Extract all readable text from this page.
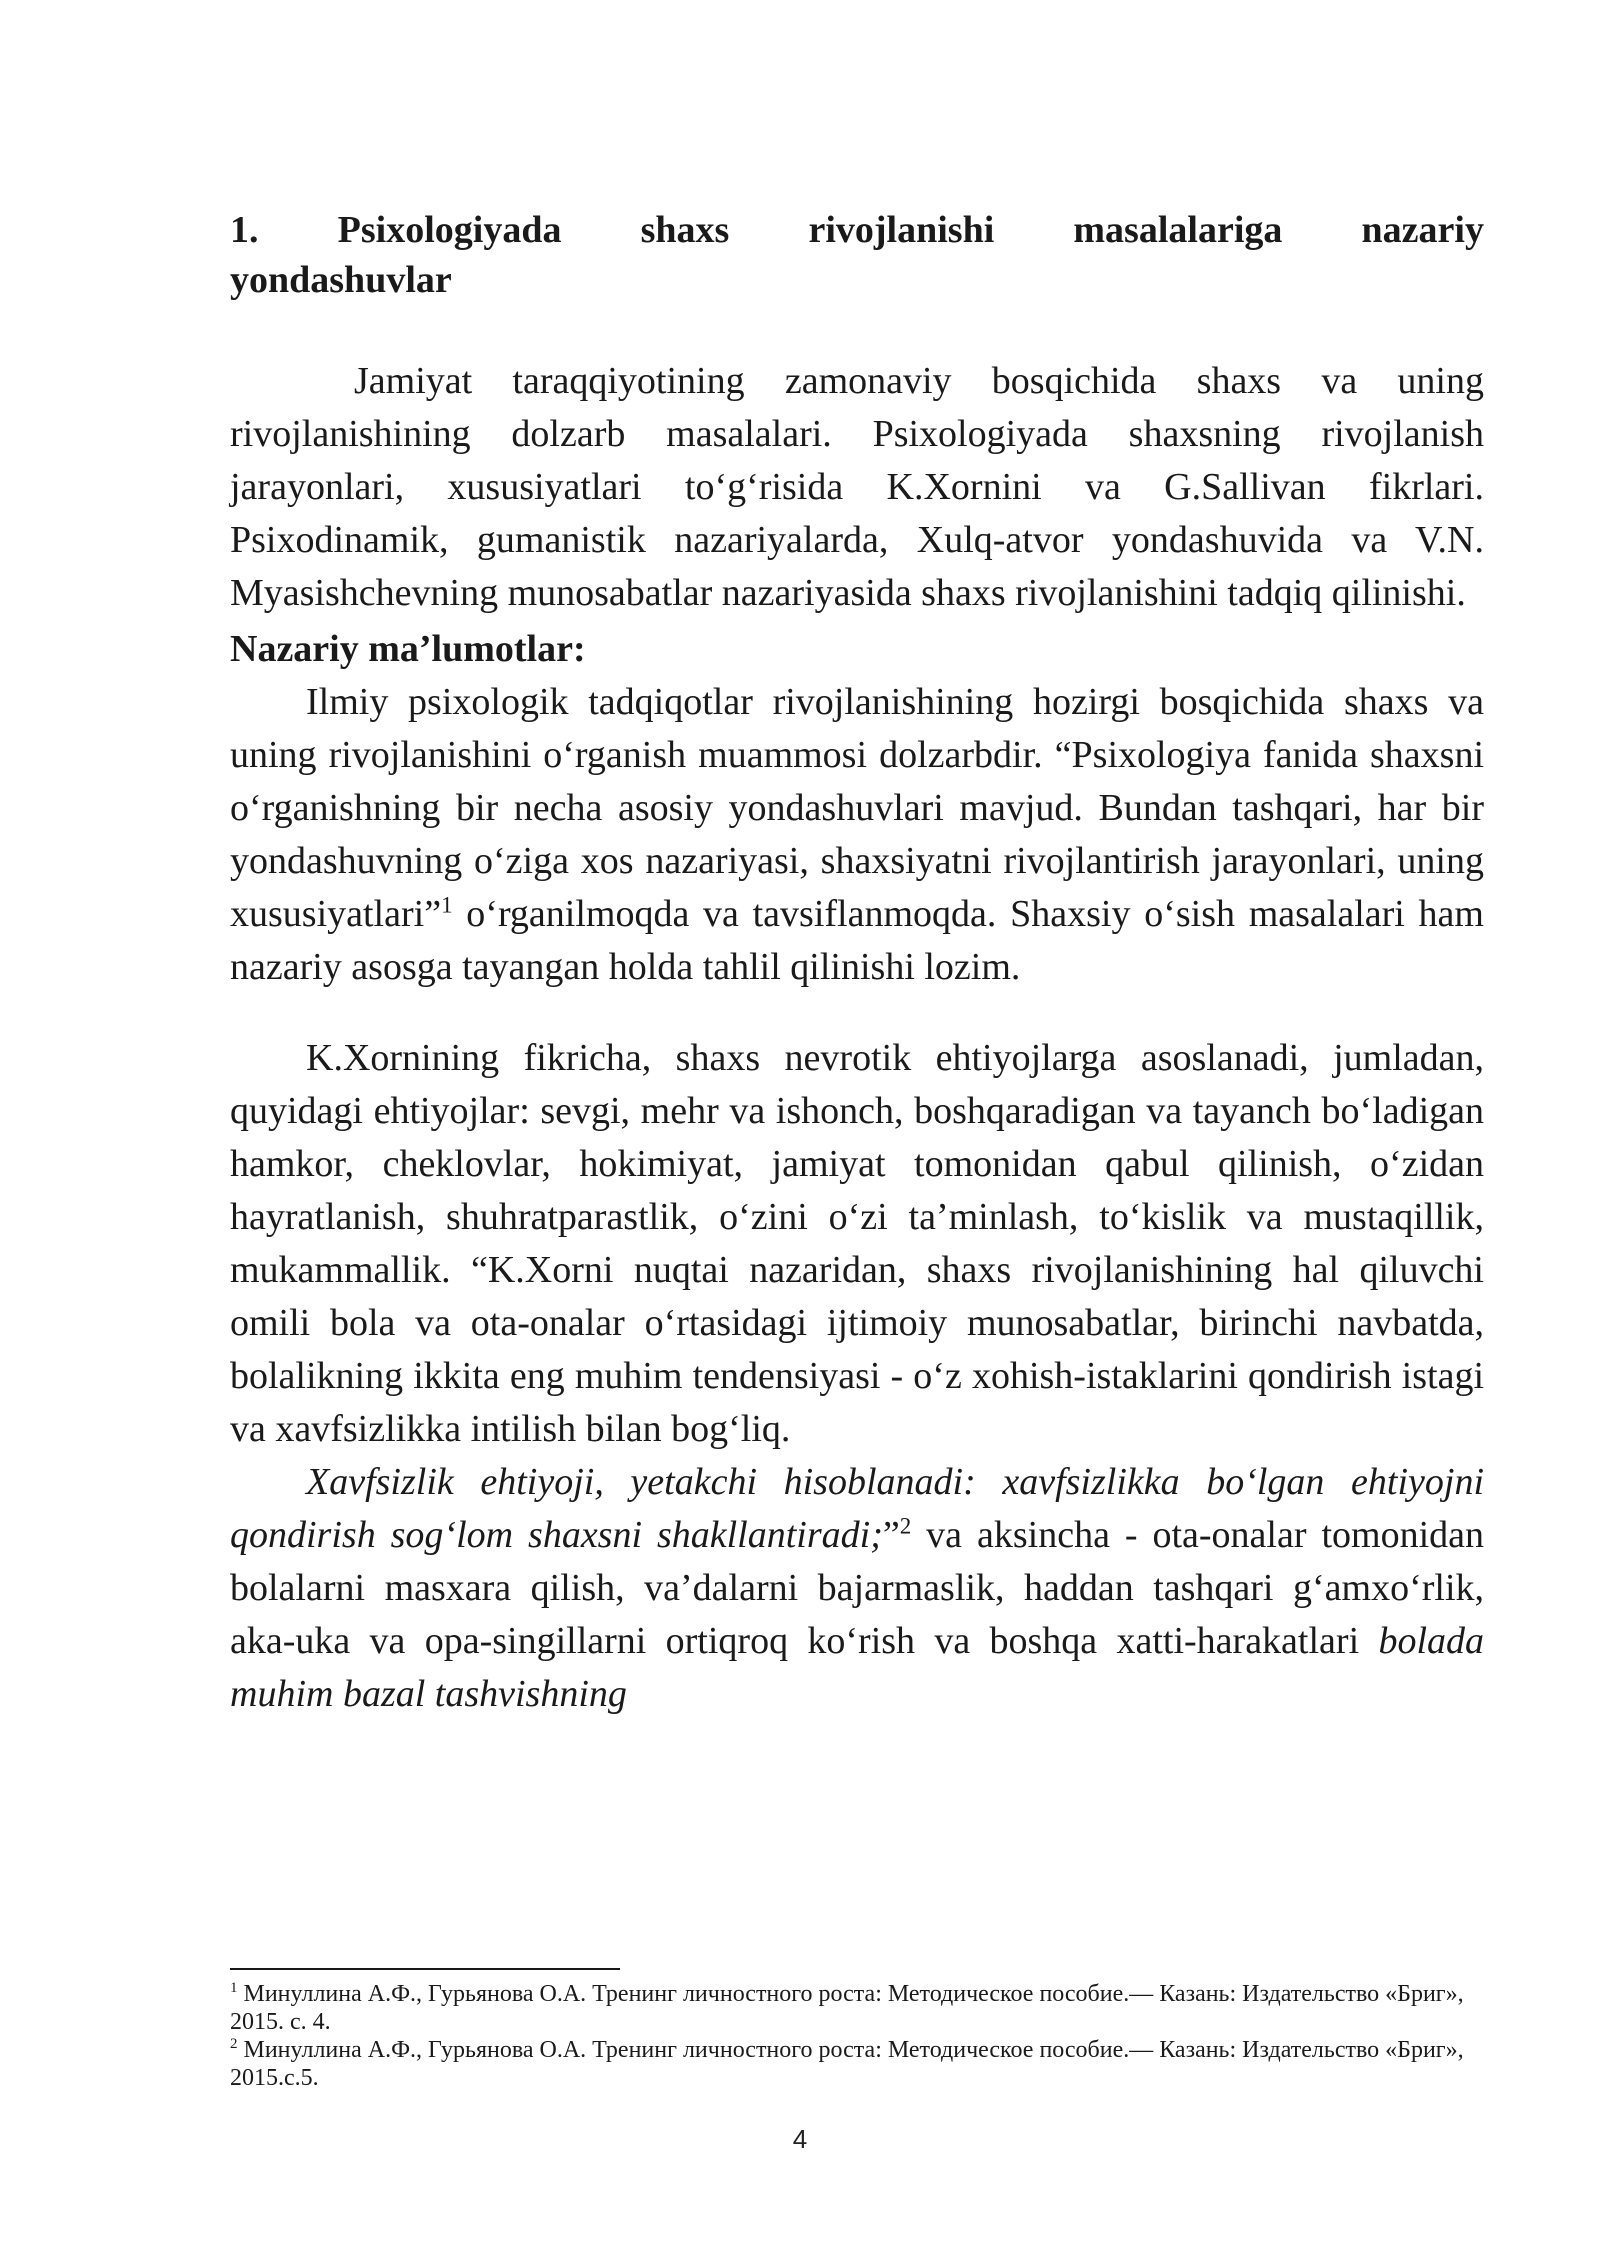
1. Psixologiyada shaxs rivojlanishi masalalariga nazariy
yondashuvlar

Jamiyat taraqqiyotining zamonaviy bosqichida shaxs va uning rivojlanishining dolzarb masalalari. Psixologiyada shaxsning rivojlanish jarayonlari, xususiyatlari to‘g‘risida K.Xornini va G.Sallivan fikrlari. Psixodinamik, gumanistik nazariyalarda, Xulq-atvor yondashuvida va V.N. Myasishchevning munosabatlar nazariyasida shaxs rivojlanishini tadqiq qilinishi.

Nazariy ma’lumotlar:

Ilmiy psixologik tadqiqotlar rivojlanishining hozirgi bosqichida shaxs va uning rivojlanishini o‘rganish muammosi dolzarbdir. “Psixologiya fanida shaxsni o‘rganishning bir necha asosiy yondashuvlari mavjud. Bundan tashqari, har bir yondashuvning o‘ziga xos nazariyasi, shaxsiyatni rivojlantirish jarayonlari, uning xususiyatlari”$^1$ o‘rganilmoqda va tavsiflanmoqda. Shaxsiy o‘sish masalalari ham nazariy asosga tayangan holda tahlil qilinishi lozim.

K.Xornining fikricha, shaxs nevrotik ehtiyojlarga asoslanadi, jumladan, quyidagi ehtiyojlar: sevgi, mehr va ishonch, boshqaradigan va tayanch bo‘ladigan hamkor, cheklovlar, hokimiyat, jamiyat tomonidan qabul qilinish, o‘zidan hayratlanish, shuhratparastlik, o‘zini o‘zi ta’minlash, to‘kislik va mustaqillik, mukammallik. “K.Xorni nuqtai nazaridan, shaxs rivojlanishining hal qiluvchi omili bola va ota-onalar o‘rtasidagi ijtimoiy munosabatlar, birinchi navbatda, bolalikning ikkita eng muhim tendensiyasi - o‘z xohish-istaklarini qondirish istagi va xavfsizlikka intilish bilan bog‘liq.

Xavfsizlik ehtiyoji, yetakchi hisoblanadi: xavfsizlikka bo‘lgan ehtiyojni qondirish sog‘lom shaxsni shakllantiradi;”$^2$ va aksincha - ota-onalar tomonidan bolalarni masxara qilish, va’dalarni bajarmaslik, haddan tashqari g‘amxo‘rlik, aka-uka va opa-singillarni ortiqroq ko‘rish va boshqa xatti-harakatlari bolada muhim bazal tashvishning

$^1$ Минуллина А.Ф., Гурьянова О.А. Тренинг личностного роста: Методическое пособие.— Казань: Издательство «Бриг», 2015. с. 4.

$^2$ Минуллина А.Ф., Гурьянова О.А. Тренинг личностного роста: Методическое пособие.— Казань: Издательство «Бриг», 2015.с.5.

4
